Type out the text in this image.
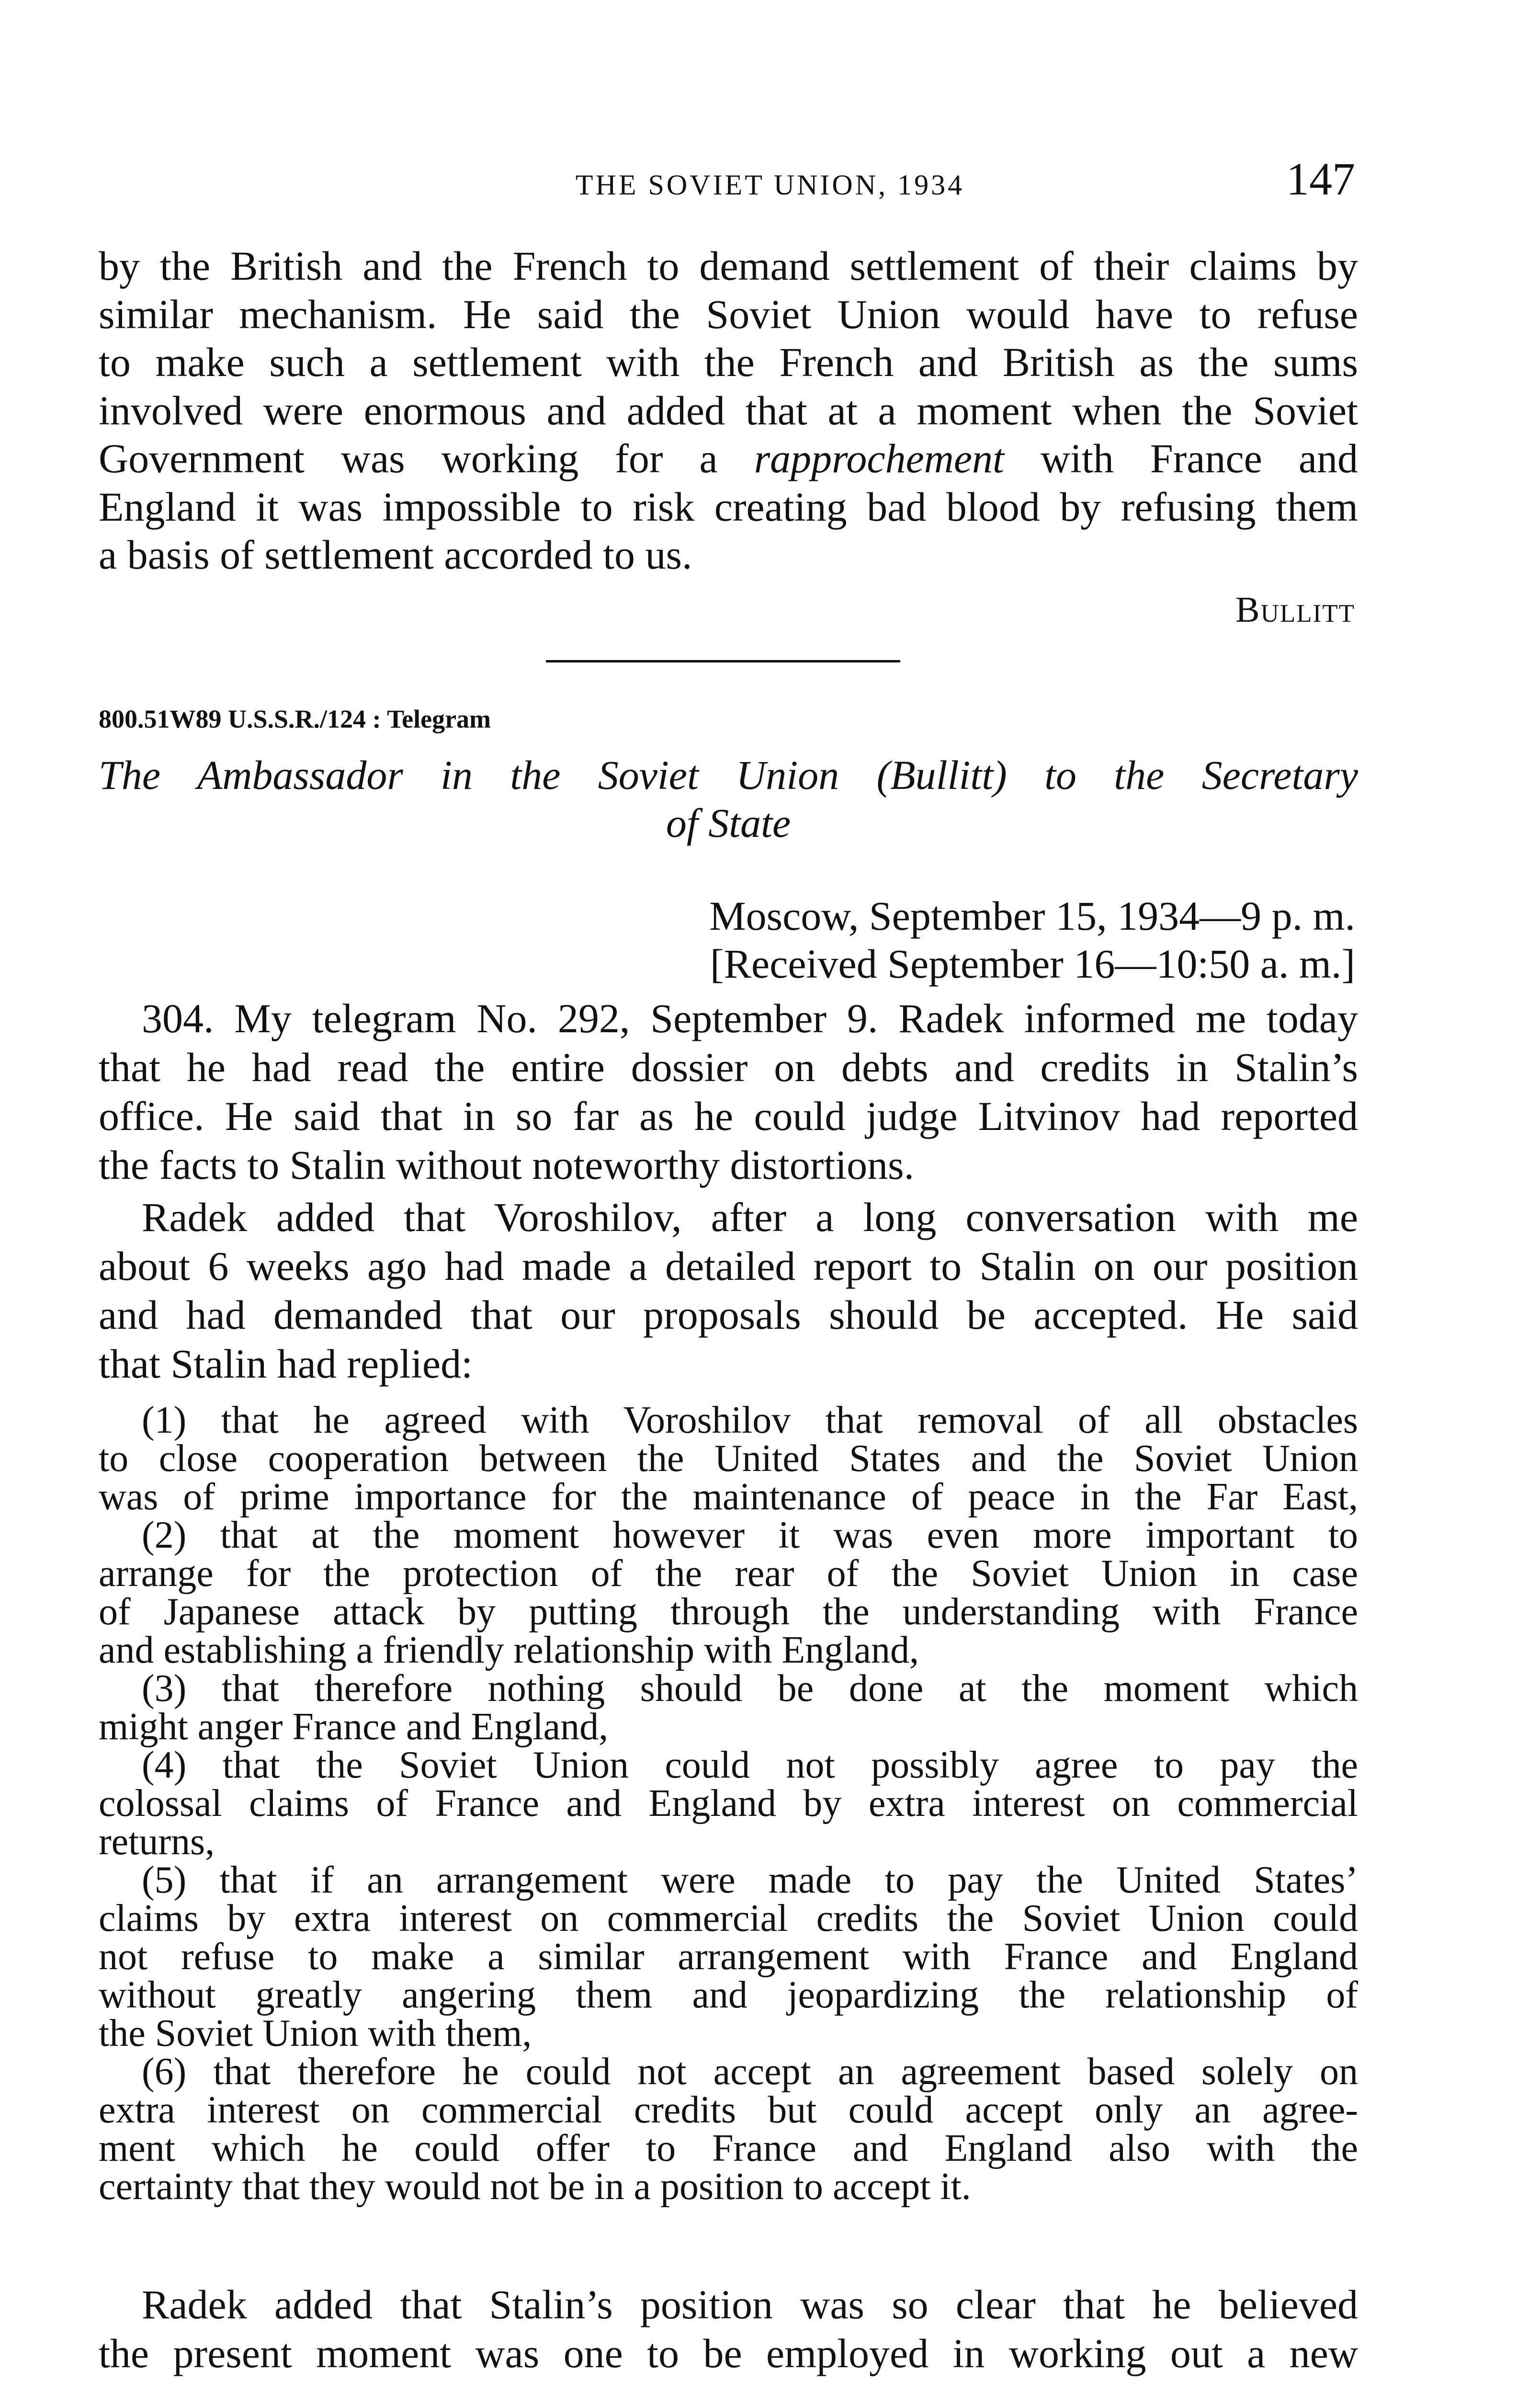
THE SOVIET UNION, 1934	147
by the British and the French to demand settlement of their claims by
similar mechanism. He said the Soviet Union would have to refuse
to make such a settlement with the French and British as the sums
involved were enormous and added that at a moment when the Soviet
Government was working for a rapprochement with France and
England it was impossible to risk creating bad blood by refusing them
a basis of settlement accorded to us.
Bullitt
800.51W89 U.S.S.R./124 : Telegram
The Ambassador in the Soviet Union (Bullitt) to the Secretary
of State
Moscow, September 15, 1934—9 p. m.
[Received September 16—10:50 a. m.]
304. My telegram No. 292, September 9. Radek informed me today
that he had read the entire dossier on debts and credits in Stalin’s
office. He said that in so far as he could judge Litvinov had reported
the facts to Stalin without noteworthy distortions.
Radek added that Voroshilov, after a long conversation with me
about 6 weeks ago had made a detailed report to Stalin on our position
and had demanded that our proposals should be accepted. He said
that Stalin had replied:
(1) that he agreed with Voroshilov that removal of all obstacles
to close cooperation between the United States and the Soviet Union
was of prime importance for the maintenance of peace in the Far East,
(2) that at the moment however it was even more important to
arrange for the protection of the rear of the Soviet Union in case
of Japanese attack by putting through the understanding with France
and establishing a friendly relationship with England,
(3) that therefore nothing should be done at the moment which
might anger France and England,
(4) that the Soviet Union could not possibly agree to pay the
colossal claims of France and England by extra interest on commercial
returns,
(5) that if an arrangement were made to pay the United States’
claims by extra interest on commercial credits the Soviet Union could
not refuse to make a similar arrangement with France and England
without greatly angering them and jeopardizing the relationship of
the Soviet Union with them,
(6) that therefore he could not accept an agreement based solely on
extra interest on commercial credits but could accept only an agree-
ment which he could offer to France and England also with the
certainty that they would not be in a position to accept it.
Radek added that Stalin’s position was so clear that he believed
the present moment was one to be employed in working out a new
